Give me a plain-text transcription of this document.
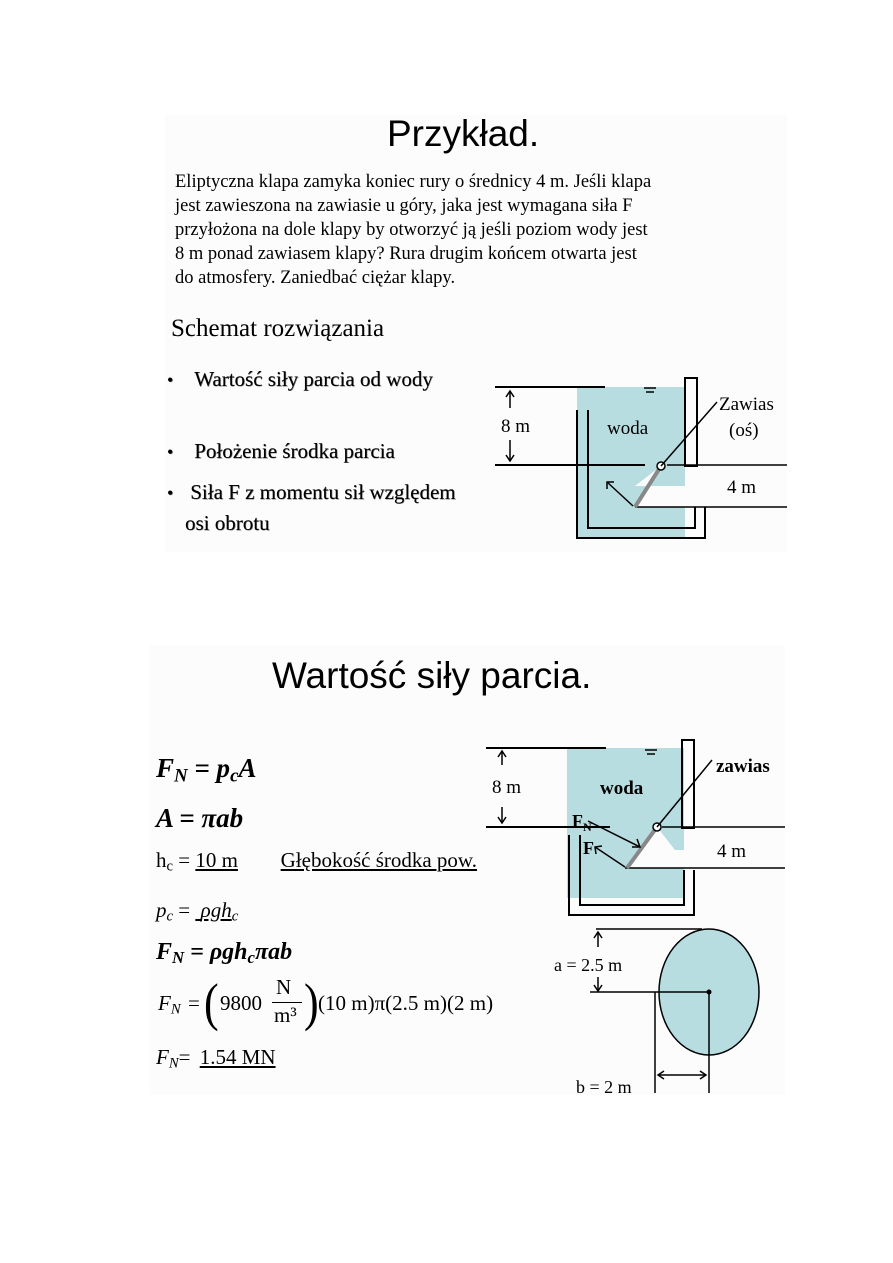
Przykład.
Eliptyczna klapa zamyka koniec rury o średnicy 4 m. Jeśli klapa
jest zawieszona na zawiasie u góry, jaka jest wymagana siła F
przyłożona na dole klapy by otworzyć ją jeśli poziom wody jest
8 m ponad zawiasem klapy? Rura drugim końcem otwarta jest
do atmosfery. Zaniedbać ciężar klapy.
Schemat rozwiązania
• Wartość siły parcia od wody
• Położenie środka parcia
• Siła F z momentu sił względem
osi obrotu
8 m	woda
Zawias
(oś)
4 m
Wartość siły parcia.
$F_N = p_cA$
A = πab
$h_c = 10$ m Głębokość środka pow.
$p_c = \rho gh_c$
$F_N = \rho gh_c\pi ab$
$F_N$ = ( 9800
N
m³ ) (10 m)π(2.5 m)(2 m)
$F_N= 1.54$ MN
8 m	woda
zawias
$F_N$
F	4 m
a = 2.5 m
b = 2 m
